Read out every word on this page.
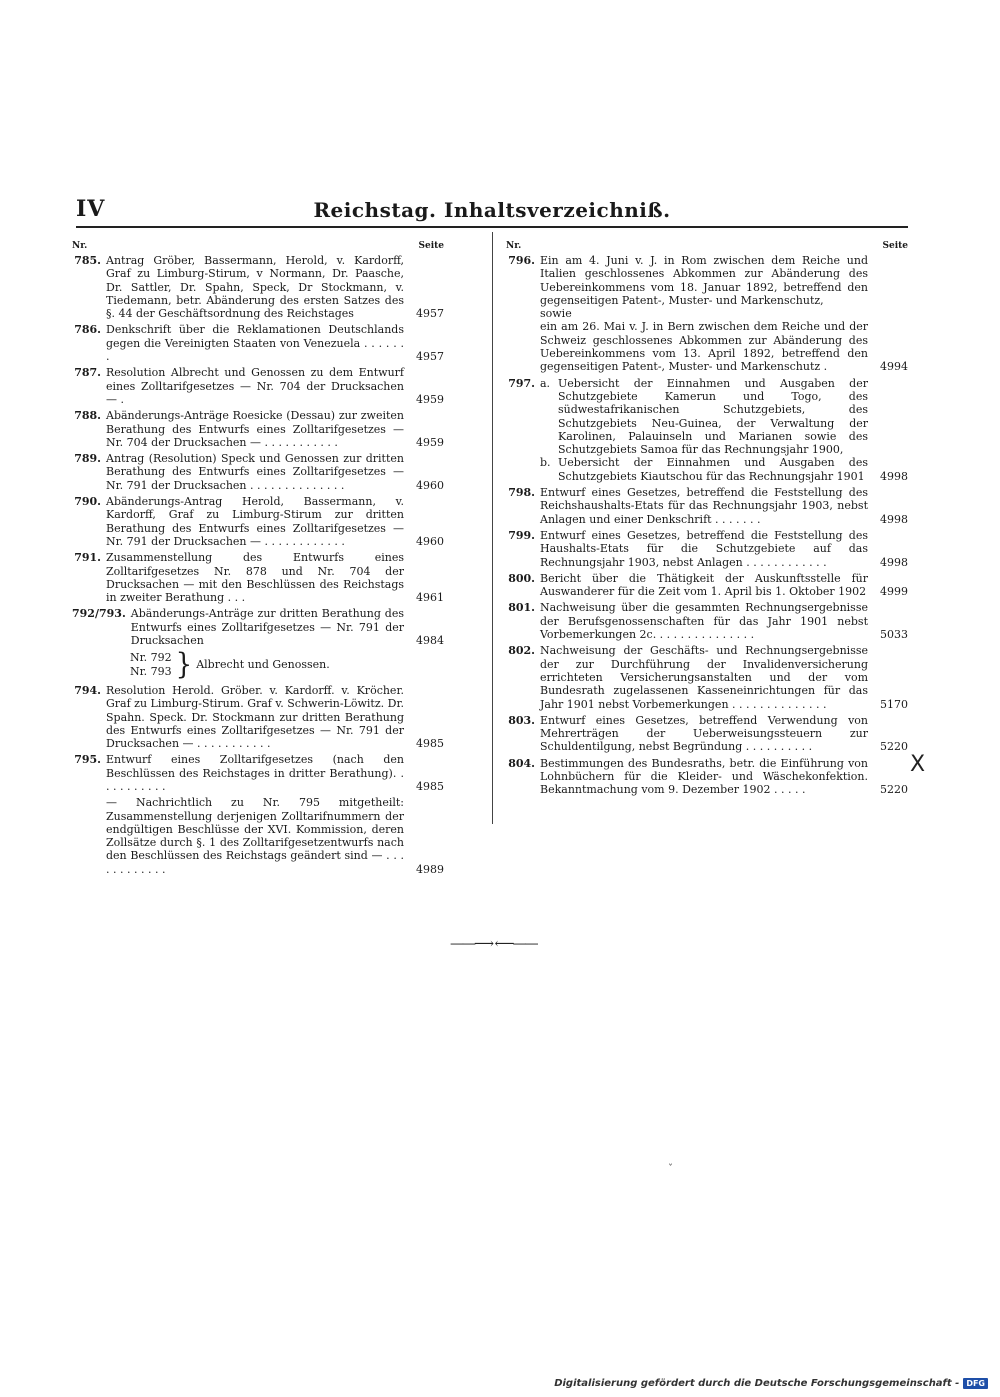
IV	Reichstag. Inhaltsverzeichniß.
Nr.	Seite
785. Antrag Gröber, Bassermann, Herold, v. Kardorff, Graf zu Limburg-Stirum, v Normann, Dr. Paasche, Dr. Sattler, Dr. Spahn, Speck, Dr Stockmann, v. Tiedemann, betr. Abänderung des ersten Satzes des §. 44 der Geschäftsordnung des Reichstages	4957
786. Denkschrift über die Reklamationen Deutschlands gegen die Vereinigten Staaten von Venezuela . . . . . . .	4957
787. Resolution Albrecht und Genossen zu dem Entwurf eines Zolltarifgesetzes — Nr. 704 der Drucksachen — .	4959
788. Abänderungs-Anträge Roesicke (Dessau) zur zweiten Berathung des Entwurfs eines Zolltarifgesetzes — Nr. 704 der Drucksachen — . . . . . . . . . . .	4959
789. Antrag (Resolution) Speck und Genossen zur dritten Berathung des Entwurfs eines Zolltarifgesetzes — Nr. 791 der Drucksachen . . . . . . . . . . . . . .	4960
790. Abänderungs-Antrag Herold, Bassermann, v. Kardorff, Graf zu Limburg-Stirum zur dritten Berathung des Entwurfs eines Zolltarifgesetzes — Nr. 791 der Drucksachen — . . . . . . . . . . . .	4960
791. Zusammenstellung des Entwurfs eines Zolltarifgesetzes Nr. 878 und Nr. 704 der Drucksachen — mit den Beschlüssen des Reichstags in zweiter Berathung . . .	4961
792/793. Abänderungs-Anträge zur dritten Berathung des Entwurfs eines Zolltarifgesetzes — Nr. 791 der Drucksachen	4984
Nr. 792
Nr. 793 } Albrecht und Genossen.
794. Resolution Herold. Gröber. v. Kardorff. v. Kröcher. Graf zu Limburg-Stirum. Graf v. Schwerin-Löwitz. Dr. Spahn. Speck. Dr. Stockmann zur dritten Berathung des Entwurfs eines Zolltarifgesetzes — Nr. 791 der Drucksachen — . . . . . . . . . . .	4985
795. Entwurf eines Zolltarifgesetzes (nach den Beschlüssen des Reichstages in dritter Berathung). . . . . . . . . . .	4985
— Nachrichtlich zu Nr. 795 mitgetheilt: Zusammenstellung derjenigen Zolltarifnummern der endgültigen Beschlüsse der XVI. Kommission, deren Zollsätze durch §. 1 des Zolltarifgesetzentwurfs nach den Beschlüssen des Reichstags geändert sind — . . . . . . . . . . . .	4989
Nr.	Seite
796. Ein am 4. Juni v. J. in Rom zwischen dem Reiche und Italien geschlossenes Abkommen zur Abänderung des Uebereinkommens vom 18. Januar 1892, betreffend den gegenseitigen Patent-, Muster- und Markenschutz,
sowie
ein am 26. Mai v. J. in Bern zwischen dem Reiche und der Schweiz geschlossenes Abkommen zur Abänderung des Uebereinkommens vom 13. April 1892, betreffend den gegenseitigen Patent-, Muster- und Markenschutz .	4994
797. a. Uebersicht der Einnahmen und Ausgaben der Schutzgebiete Kamerun und Togo, des südwestafrikanischen Schutzgebiets, des Schutzgebiets Neu-Guinea, der Verwaltung der Karolinen, Palauinseln und Marianen sowie des Schutzgebiets Samoa für das Rechnungsjahr 1900,
b. Uebersicht der Einnahmen und Ausgaben des Schutzgebiets Kiautschou für das Rechnungsjahr 1901	4998
798. Entwurf eines Gesetzes, betreffend die Feststellung des Reichshaushalts-Etats für das Rechnungsjahr 1903, nebst Anlagen und einer Denkschrift . . . . . . .	4998
799. Entwurf eines Gesetzes, betreffend die Feststellung des Haushalts-Etats für die Schutzgebiete auf das Rechnungsjahr 1903, nebst Anlagen . . . . . . . . . . . .	4998
800. Bericht über die Thätigkeit der Auskunftsstelle für Auswanderer für die Zeit vom 1. April bis 1. Oktober 1902	4999
801. Nachweisung über die gesammten Rechnungsergebnisse der Berufsgenossenschaften für das Jahr 1901 nebst Vorbemerkungen 2c. . . . . . . . . . . . . . .	5033
802. Nachweisung der Geschäfts- und Rechnungsergebnisse der zur Durchführung der Invalidenversicherung errichteten Versicherungsanstalten und der vom Bundesrath zugelassenen Kasseneinrichtungen für das Jahr 1901 nebst Vorbemerkungen . . . . . . . . . . . . . .	5170
803. Entwurf eines Gesetzes, betreffend Verwendung von Mehrerträgen der Ueberweisungssteuern zur Schuldentilgung, nebst Begründung . . . . . . . . . .	5220
804. Bestimmungen des Bundesraths, betr. die Einführung von Lohnbüchern für die Kleider- und Wäschekonfektion. Bekanntmachung vom 9. Dezember 1902 . . . . .	5220
X
——⟶ ⟵——
ˇ
Digitalisierung gefördert durch die Deutsche Forschungsgemeinschaft - DFG
